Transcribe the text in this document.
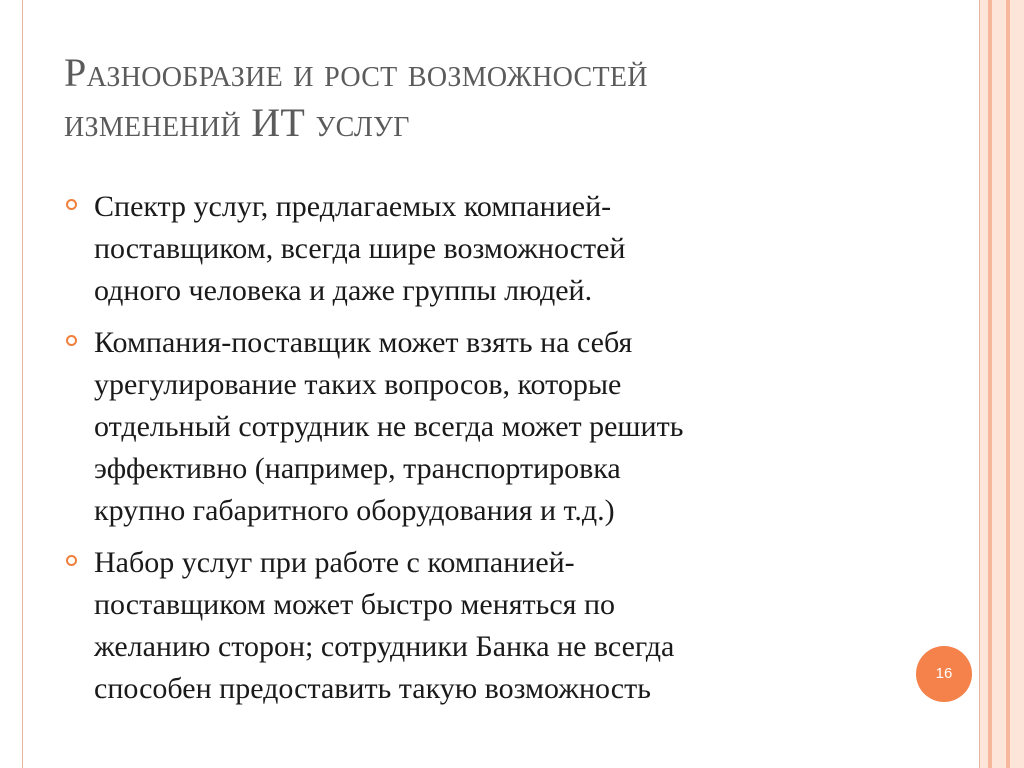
Разнообразие и рост возможностей
изменений ИТ услуг
Спектр услуг, предлагаемых компанией-
поставщиком, всегда шире возможностей
одного человека и даже группы людей.
Компания-поставщик может взять на себя
урегулирование таких вопросов, которые
отдельный сотрудник не всегда может решить
эффективно (например, транспортировка
крупно габаритного оборудования и т.д.)
Набор услуг при работе с компанией-
поставщиком может быстро меняться по
желанию сторон; сотрудники Банка не всегда
способен предоставить такую возможность	16
